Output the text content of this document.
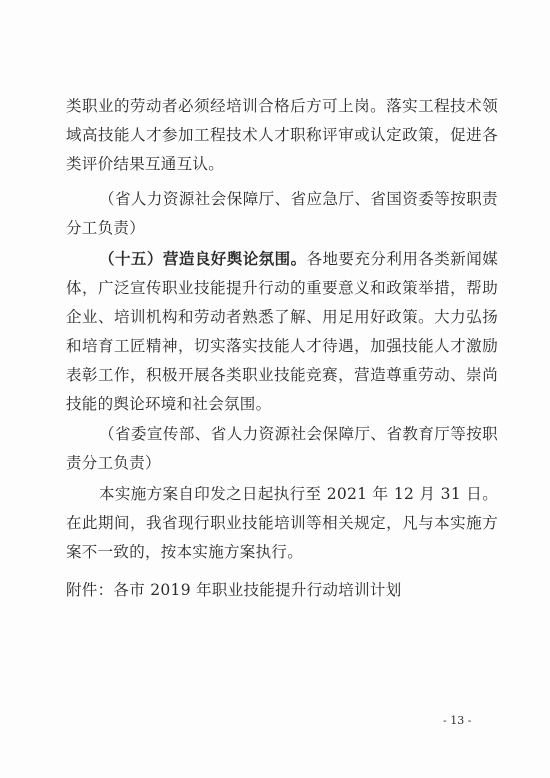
类职业的劳动者必须经培训合格后方可上岗。落实工程技术领域高技能人才参加工程技术人才职称评审或认定政策，促进各类评价结果互通互认。

（省人力资源社会保障厅、省应急厅、省国资委等按职责分工负责）

（十五）营造良好舆论氛围。各地要充分利用各类新闻媒体，广泛宣传职业技能提升行动的重要意义和政策举措，帮助企业、培训机构和劳动者熟悉了解、用足用好政策。大力弘扬和培育工匠精神，切实落实技能人才待遇，加强技能人才激励表彰工作，积极开展各类职业技能竞赛，营造尊重劳动、崇尚技能的舆论环境和社会氛围。

（省委宣传部、省人力资源社会保障厅、省教育厅等按职责分工负责）

本实施方案自印发之日起执行至 2021 年 12 月 31 日。在此期间，我省现行职业技能培训等相关规定，凡与本实施方案不一致的，按本实施方案执行。

附件：各市 2019 年职业技能提升行动培训计划
- 13 -
